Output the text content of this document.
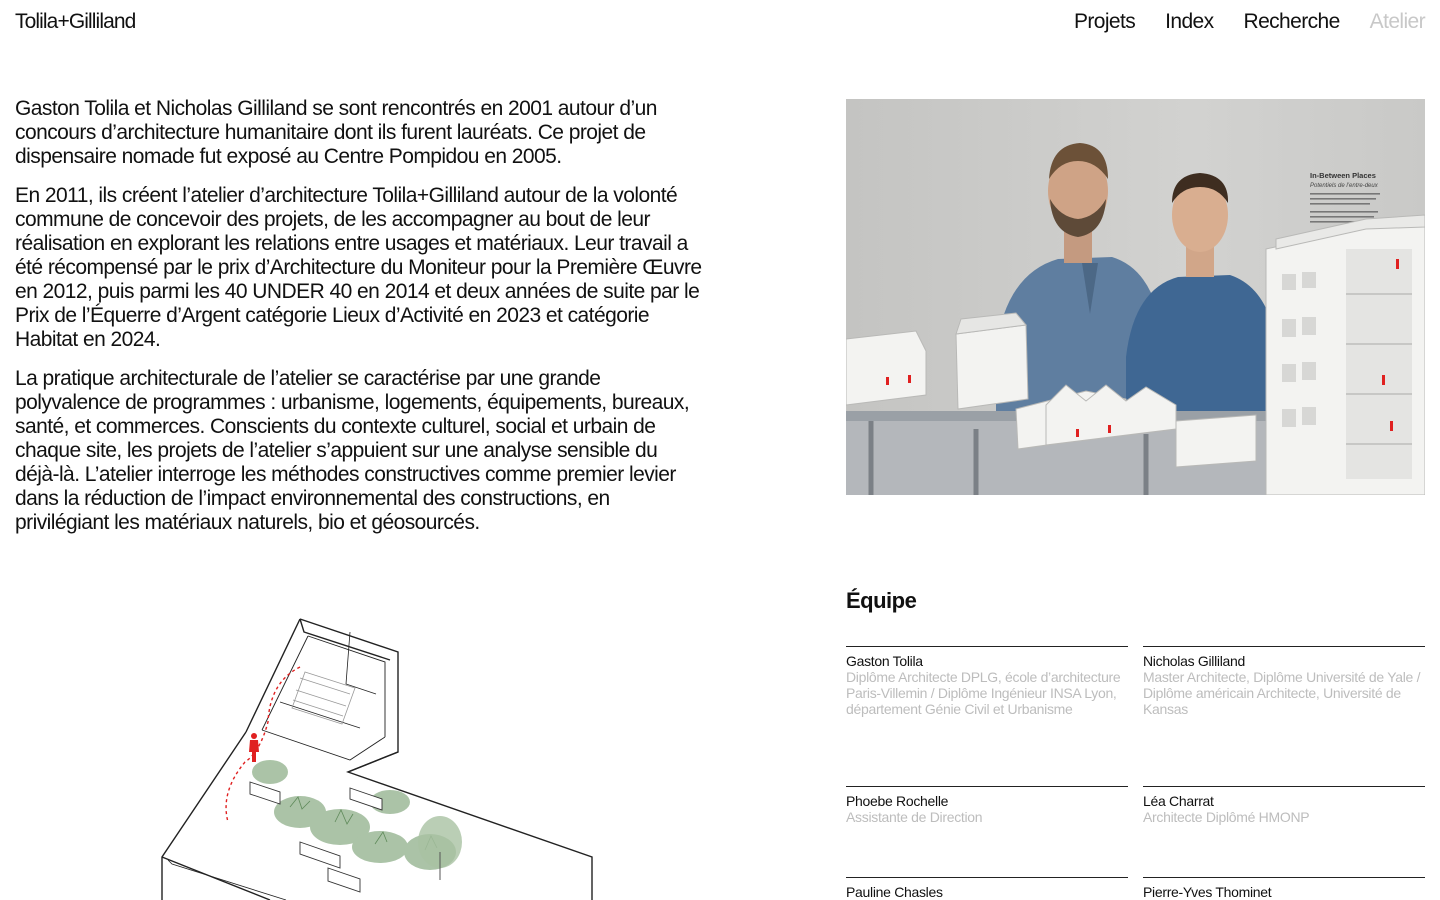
Tolila+Gilliland	Projets Index Recherche Atelier

Gaston Tolila et Nicholas Gilliland se sont rencontrés en 2001 autour d’un concours d’architecture humanitaire dont ils furent lauréats. Ce projet de dispensaire nomade fut exposé au Centre Pompidou en 2005.

En 2011, ils créent l’atelier d’architecture Tolila+Gilliland autour de la volonté commune de concevoir des projets, de les accompagner au bout de leur réalisation en explorant les relations entre usages et matériaux. Leur travail a été récompensé par le prix d’Architecture du Moniteur pour la Première Œuvre en 2012, puis parmi les 40 UNDER 40 en 2014 et deux années de suite par le Prix de l’Équerre d’Argent catégorie Lieux d’Activité en 2023 et catégorie Habitat en 2024.

La pratique architecturale de l’atelier se caractérise par une grande polyvalence de programmes : urbanisme, logements, équipements, bureaux, santé, et commerces. Conscients du contexte culturel, social et urbain de chaque site, les projets de l’atelier s’appuient sur une analyse sensible du déjà-là. L’atelier interroge les méthodes constructives comme premier levier dans la réduction de l’impact environnemental des constructions, en privilégiant les matériaux naturels, bio et géosourcés.

In-Between Places
Potentiels de l’entre-deux
Équipe
Gaston Tolila
Diplôme Architecte DPLG, école d’architecture Paris-Villemin / Diplôme Ingénieur INSA Lyon, département Génie Civil et Urbanisme
Nicholas Gilliland
Master Architecte, Diplôme Université de Yale / Diplôme américain Architecte, Université de Kansas
Phoebe Rochelle
Assistante de Direction
Léa Charrat
Architecte Diplômé HMONP
Pauline Chasles	Pierre-Yves Thominet
